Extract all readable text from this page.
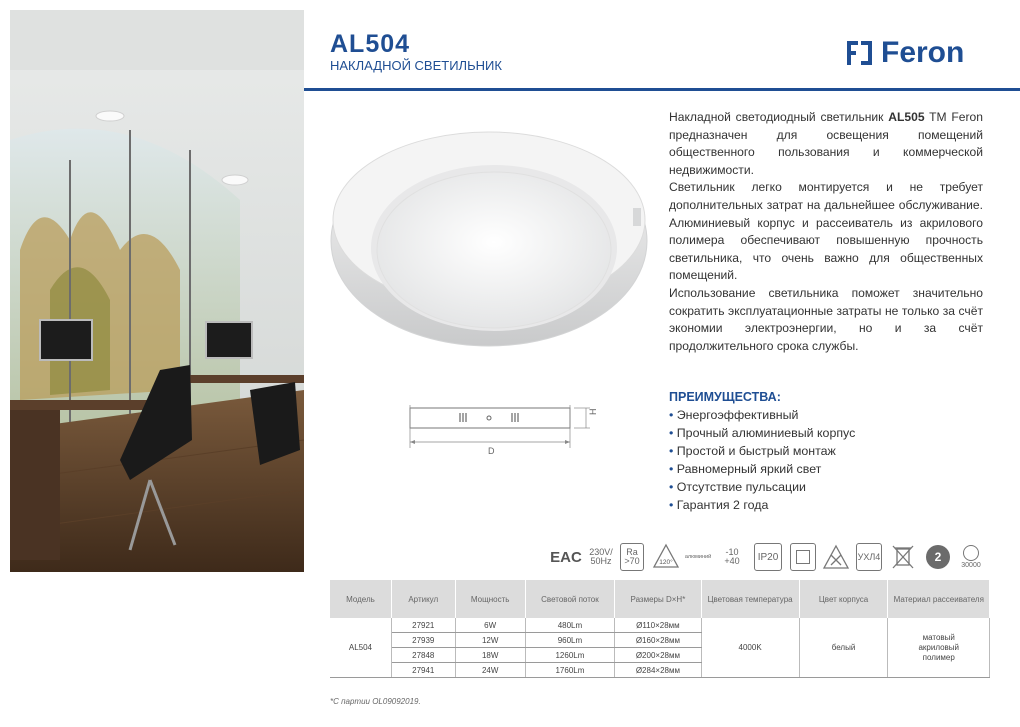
AL504
НАКЛАДНОЙ СВЕТИЛЬНИК	Feron
D
H

Накладной светодиодный светильник AL505 TM Feron предназначен для освещения помещений общественного пользования и коммерческой недвижимости.

Светильник легко монтируется и не требует дополнительных затрат на дальнейшее обслуживание. Алюминиевый корпус и рассеиватель из акрилового полимера обеспечивают повышенную прочность светильника, что очень важно для общественных помещений.

Использование светильника поможет значительно сократить эксплуатационные затраты не только за счёт экономии электроэнергии, но и за счёт продолжительного срока службы.

ПРЕИМУЩЕСТВА:
• Энергоэффективный
• Прочный алюминиевый корпус
• Простой и быстрый монтаж
• Равномерный яркий свет
• Отсутствие пульсации
• Гарантия 2 года
EAC 230V/
50Hz
Ra
>70	120°
алюминий -10
+40	IP20	УХЛ4	2
30000
Модель	Артикул	Мощность	Световой поток	Размеры D×H*	Цветовая температура	Цвет корпуса	Материал рассеивателя
AL504	27921	6W	480Lm	Ø110×28мм	4000K	белый	матовый акриловый полимер
	27939	12W	960Lm	Ø160×28мм			
	27848	18W	1260Lm	Ø200×28мм			
	27941	24W	1760Lm	Ø284×28мм			
*С партии OL09092019.
